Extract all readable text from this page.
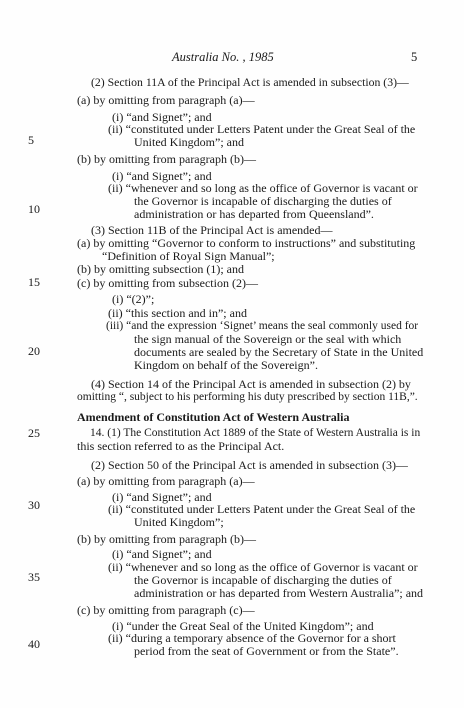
Australia No. , 1985	5
5
10
15
20
25
30
35
40
(2) Section 11A of the Principal Act is amended in subsection (3)—
(a) by omitting from paragraph (a)—
(i) “and Signet”; and
(ii) “constituted under Letters Patent under the Great Seal of the
United Kingdom”; and
(b) by omitting from paragraph (b)—
(i) “and Signet”; and
(ii) “whenever and so long as the office of Governor is vacant or
the Governor is incapable of discharging the duties of
administration or has departed from Queensland”.
(3) Section 11B of the Principal Act is amended—
(a) by omitting “Governor to conform to instructions” and substituting
“Definition of Royal Sign Manual”;
(b) by omitting subsection (1); and
(c) by omitting from subsection (2)—
(i) “(2)”;
(ii) “this section and in”; and
(iii) “and the expression ‘Signet’ means the seal commonly used for
the sign manual of the Sovereign or the seal with which
documents are sealed by the Secretary of State in the United
Kingdom on behalf of the Sovereign”.
(4) Section 14 of the Principal Act is amended in subsection (2) by
omitting “, subject to his performing his duty prescribed by section 11B,”.
Amendment of Constitution Act of Western Australia
14. (1) The Constitution Act 1889 of the State of Western Australia is in
this section referred to as the Principal Act.
(2) Section 50 of the Principal Act is amended in subsection (3)—
(a) by omitting from paragraph (a)—
(i) “and Signet”; and
(ii) “constituted under Letters Patent under the Great Seal of the
United Kingdom”;
(b) by omitting from paragraph (b)—
(i) “and Signet”; and
(ii) “whenever and so long as the office of Governor is vacant or
the Governor is incapable of discharging the duties of
administration or has departed from Western Australia”; and
(c) by omitting from paragraph (c)—
(i) “under the Great Seal of the United Kingdom”; and
(ii) “during a temporary absence of the Governor for a short
period from the seat of Government or from the State”.
